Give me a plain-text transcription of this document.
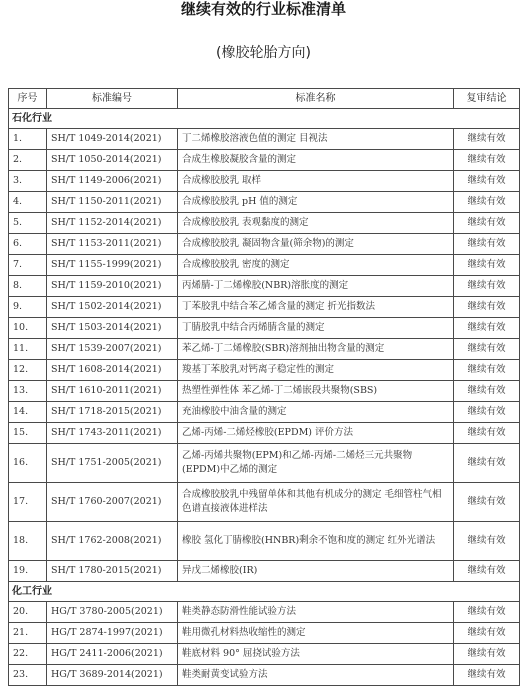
继续有效的行业标准清单
(橡胶轮胎方向)
序号	标准编号	标准名称	复审结论
石化行业			
1.	SH/T 1049-2014(2021)	丁二烯橡胶溶液色值的测定 目视法	继续有效
2.	SH/T 1050-2014(2021)	合成生橡胶凝胶含量的测定	继续有效
3.	SH/T 1149-2006(2021)	合成橡胶胶乳 取样	继续有效
4.	SH/T 1150-2011(2021)	合成橡胶胶乳 pH 值的测定	继续有效
5.	SH/T 1152-2014(2021)	合成橡胶胶乳 表观黏度的测定	继续有效
6.	SH/T 1153-2011(2021)	合成橡胶胶乳 凝固物含量(筛余物)的测定	继续有效
7.	SH/T 1155-1999(2021)	合成橡胶胶乳 密度的测定	继续有效
8.	SH/T 1159-2010(2021)	丙烯腈-丁二烯橡胶(NBR)溶胀度的测定	继续有效
9.	SH/T 1502-2014(2021)	丁苯胶乳中结合苯乙烯含量的测定 折光指数法	继续有效
10.	SH/T 1503-2014(2021)	丁腈胶乳中结合丙烯腈含量的测定	继续有效
11.	SH/T 1539-2007(2021)	苯乙烯-丁二烯橡胶(SBR)溶剂抽出物含量的测定	继续有效
12.	SH/T 1608-2014(2021)	羧基丁苯胶乳对钙离子稳定性的测定	继续有效
13.	SH/T 1610-2011(2021)	热塑性弹性体 苯乙烯-丁二烯嵌段共聚物(SBS)	继续有效
14.	SH/T 1718-2015(2021)	充油橡胶中油含量的测定	继续有效
15.	SH/T 1743-2011(2021)	乙烯-丙烯-二烯烃橡胶(EPDM) 评价方法	继续有效
16.	SH/T 1751-2005(2021)	乙烯-丙烯共聚物(EPM)和乙烯-丙烯-二烯烃三元共聚物(EPDM)中乙烯的测定	继续有效
17.	SH/T 1760-2007(2021)	合成橡胶胶乳中残留单体和其他有机成分的测定 毛细管柱气相色谱直接液体进样法	继续有效
18.	SH/T 1762-2008(2021)	橡胶 氢化丁腈橡胶(HNBR)剩余不饱和度的测定 红外光谱法	继续有效
19.	SH/T 1780-2015(2021)	异戊二烯橡胶(IR)	继续有效
化工行业			
20.	HG/T 3780-2005(2021)	鞋类静态防滑性能试验方法	继续有效
21.	HG/T 2874-1997(2021)	鞋用微孔材料热收缩性的测定	继续有效
22.	HG/T 2411-2006(2021)	鞋底材料 90° 屈挠试验方法	继续有效
23.	HG/T 3689-2014(2021)	鞋类耐黄变试验方法	继续有效
